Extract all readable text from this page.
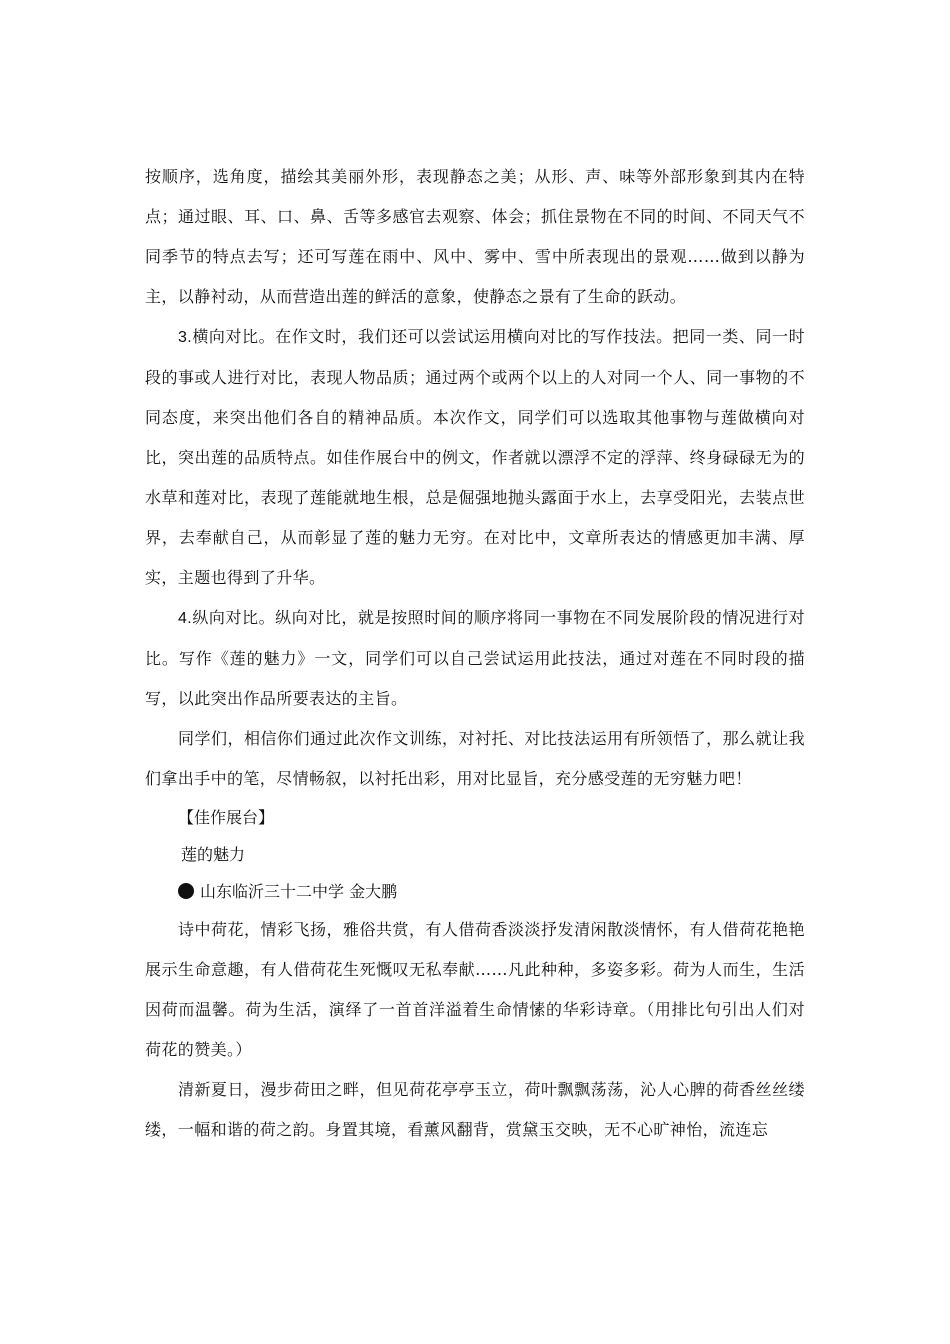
按顺序，选角度，描绘其美丽外形，表现静态之美；从形、声、味等外部形象到其内在特点；通过眼、耳、口、鼻、舌等多感官去观察、体会；抓住景物在不同的时间、不同天气不同季节的特点去写；还可写莲在雨中、风中、雾中、雪中所表现出的景观……做到以静为主，以静衬动，从而营造出莲的鲜活的意象，使静态之景有了生命的跃动。

3.横向对比。在作文时，我们还可以尝试运用横向对比的写作技法。把同一类、同一时段的事或人进行对比，表现人物品质；通过两个或两个以上的人对同一个人、同一事物的不同态度，来突出他们各自的精神品质。本次作文，同学们可以选取其他事物与莲做横向对比，突出莲的品质特点。如佳作展台中的例文，作者就以漂浮不定的浮萍、终身碌碌无为的水草和莲对比，表现了莲能就地生根，总是倔强地抛头露面于水上，去享受阳光，去装点世界，去奉献自己，从而彰显了莲的魅力无穷。在对比中，文章所表达的情感更加丰满、厚实，主题也得到了升华。

4.纵向对比。纵向对比，就是按照时间的顺序将同一事物在不同发展阶段的情况进行对比。写作《莲的魅力》一文，同学们可以自己尝试运用此技法，通过对莲在不同时段的描写，以此突出作品所要表达的主旨。

同学们，相信你们通过此次作文训练，对衬托、对比技法运用有所领悟了，那么就让我们拿出手中的笔，尽情畅叙，以衬托出彩，用对比显旨，充分感受莲的无穷魅力吧！

【佳作展台】

莲的魅力

山东临沂三十二中学 金大鹏

诗中荷花，情彩飞扬，雅俗共赏，有人借荷香淡淡抒发清闲散淡情怀，有人借荷花艳艳展示生命意趣，有人借荷花生死慨叹无私奉献……凡此种种，多姿多彩。荷为人而生，生活因荷而温馨。荷为生活，演绎了一首首洋溢着生命情愫的华彩诗章。（用排比句引出人们对荷花的赞美。）

清新夏日，漫步荷田之畔，但见荷花亭亭玉立，荷叶飘飘荡荡，沁人心脾的荷香丝丝缕缕，一幅和谐的荷之韵。身置其境，看薰风翻背，赏黛玉交映，无不心旷神怡，流连忘
